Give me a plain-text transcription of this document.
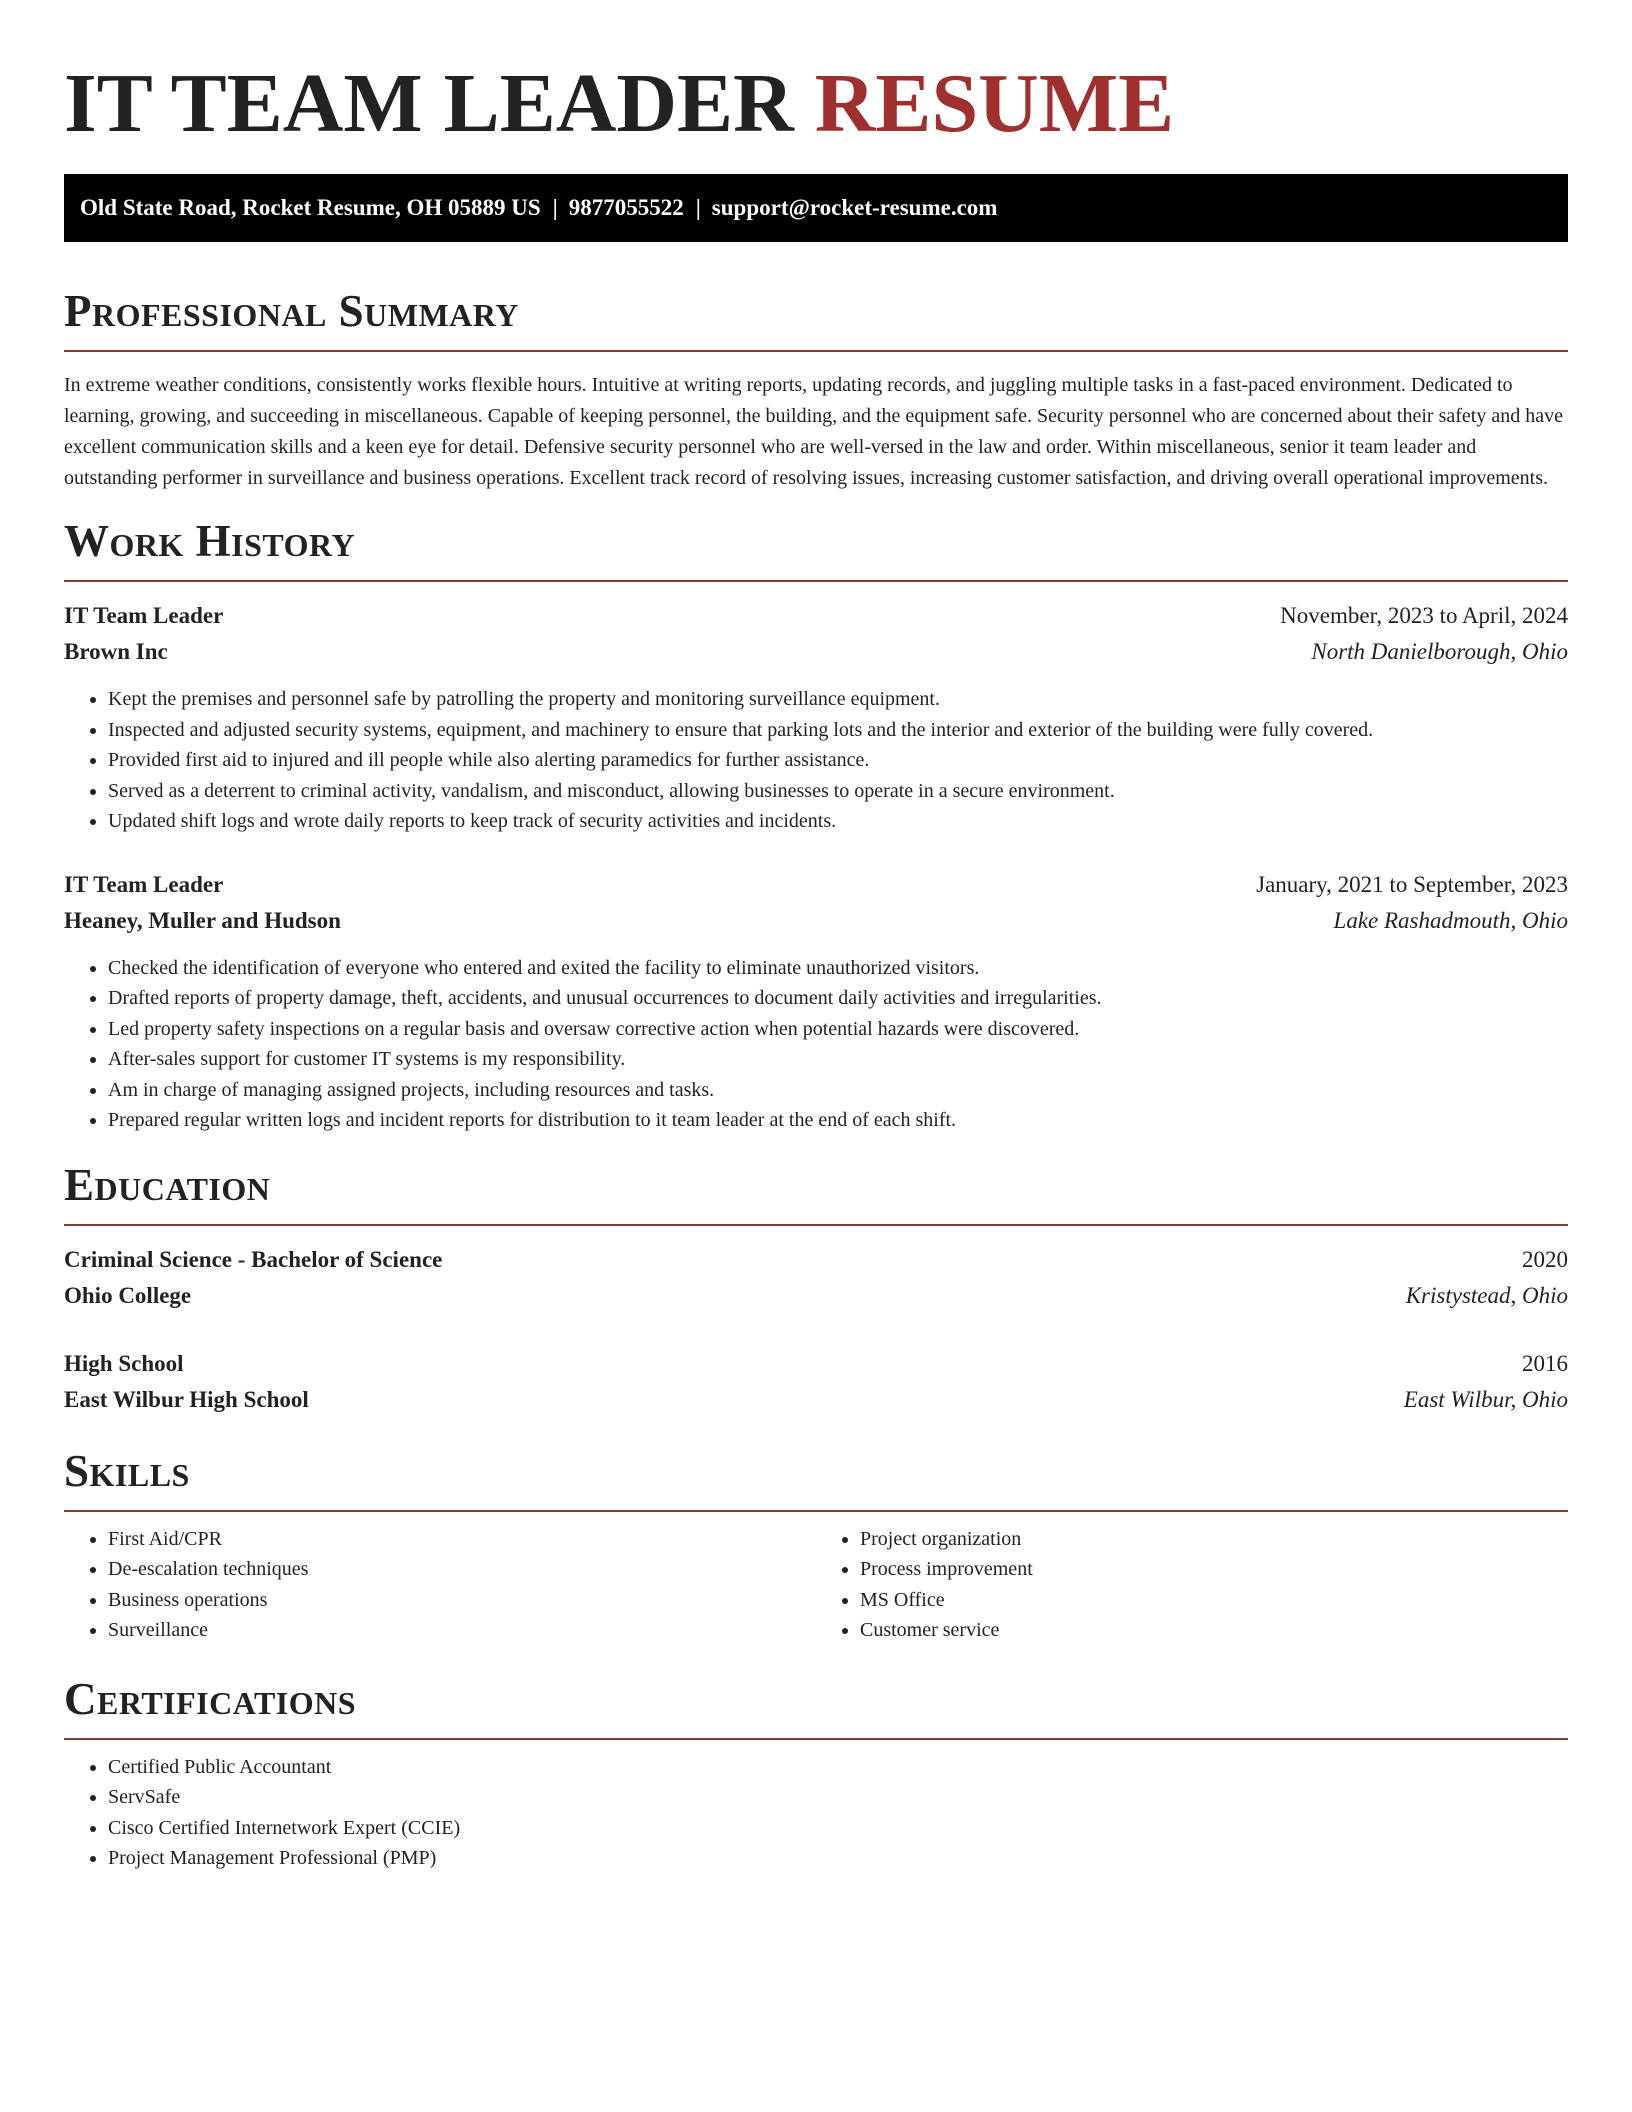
IT TEAM LEADER RESUME
Old State Road, Rocket Resume, OH 05889 US | 9877055522 | support@rocket-resume.com
Professional Summary

In extreme weather conditions, consistently works flexible hours. Intuitive at writing reports, updating records, and juggling multiple tasks in a fast-paced environment. Dedicated to learning, growing, and succeeding in miscellaneous. Capable of keeping personnel, the building, and the equipment safe. Security personnel who are concerned about their safety and have excellent communication skills and a keen eye for detail. Defensive security personnel who are well-versed in the law and order. Within miscellaneous, senior it team leader and outstanding performer in surveillance and business operations. Excellent track record of resolving issues, increasing customer satisfaction, and driving overall operational improvements.

Work History
IT Team Leader	November, 2023 to April, 2024
Brown Inc	North Danielborough, Ohio
• Kept the premises and personnel safe by patrolling the property and monitoring surveillance equipment.
• Inspected and adjusted security systems, equipment, and machinery to ensure that parking lots and the interior and exterior of the building were fully covered.
• Provided first aid to injured and ill people while also alerting paramedics for further assistance.
• Served as a deterrent to criminal activity, vandalism, and misconduct, allowing businesses to operate in a secure environment.
• Updated shift logs and wrote daily reports to keep track of security activities and incidents.
IT Team Leader	January, 2021 to September, 2023
Heaney, Muller and Hudson	Lake Rashadmouth, Ohio
• Checked the identification of everyone who entered and exited the facility to eliminate unauthorized visitors.
• Drafted reports of property damage, theft, accidents, and unusual occurrences to document daily activities and irregularities.
• Led property safety inspections on a regular basis and oversaw corrective action when potential hazards were discovered.
• After-sales support for customer IT systems is my responsibility.
• Am in charge of managing assigned projects, including resources and tasks.
• Prepared regular written logs and incident reports for distribution to it team leader at the end of each shift.
Education
Criminal Science - Bachelor of Science	2020
Ohio College	Kristystead, Ohio
High School	2016
East Wilbur High School	East Wilbur, Ohio
Skills
• First Aid/CPR
• De-escalation techniques
• Business operations
• Surveillance
• Project organization
• Process improvement
• MS Office
• Customer service
Certifications
• Certified Public Accountant
• ServSafe
• Cisco Certified Internetwork Expert (CCIE)
• Project Management Professional (PMP)
